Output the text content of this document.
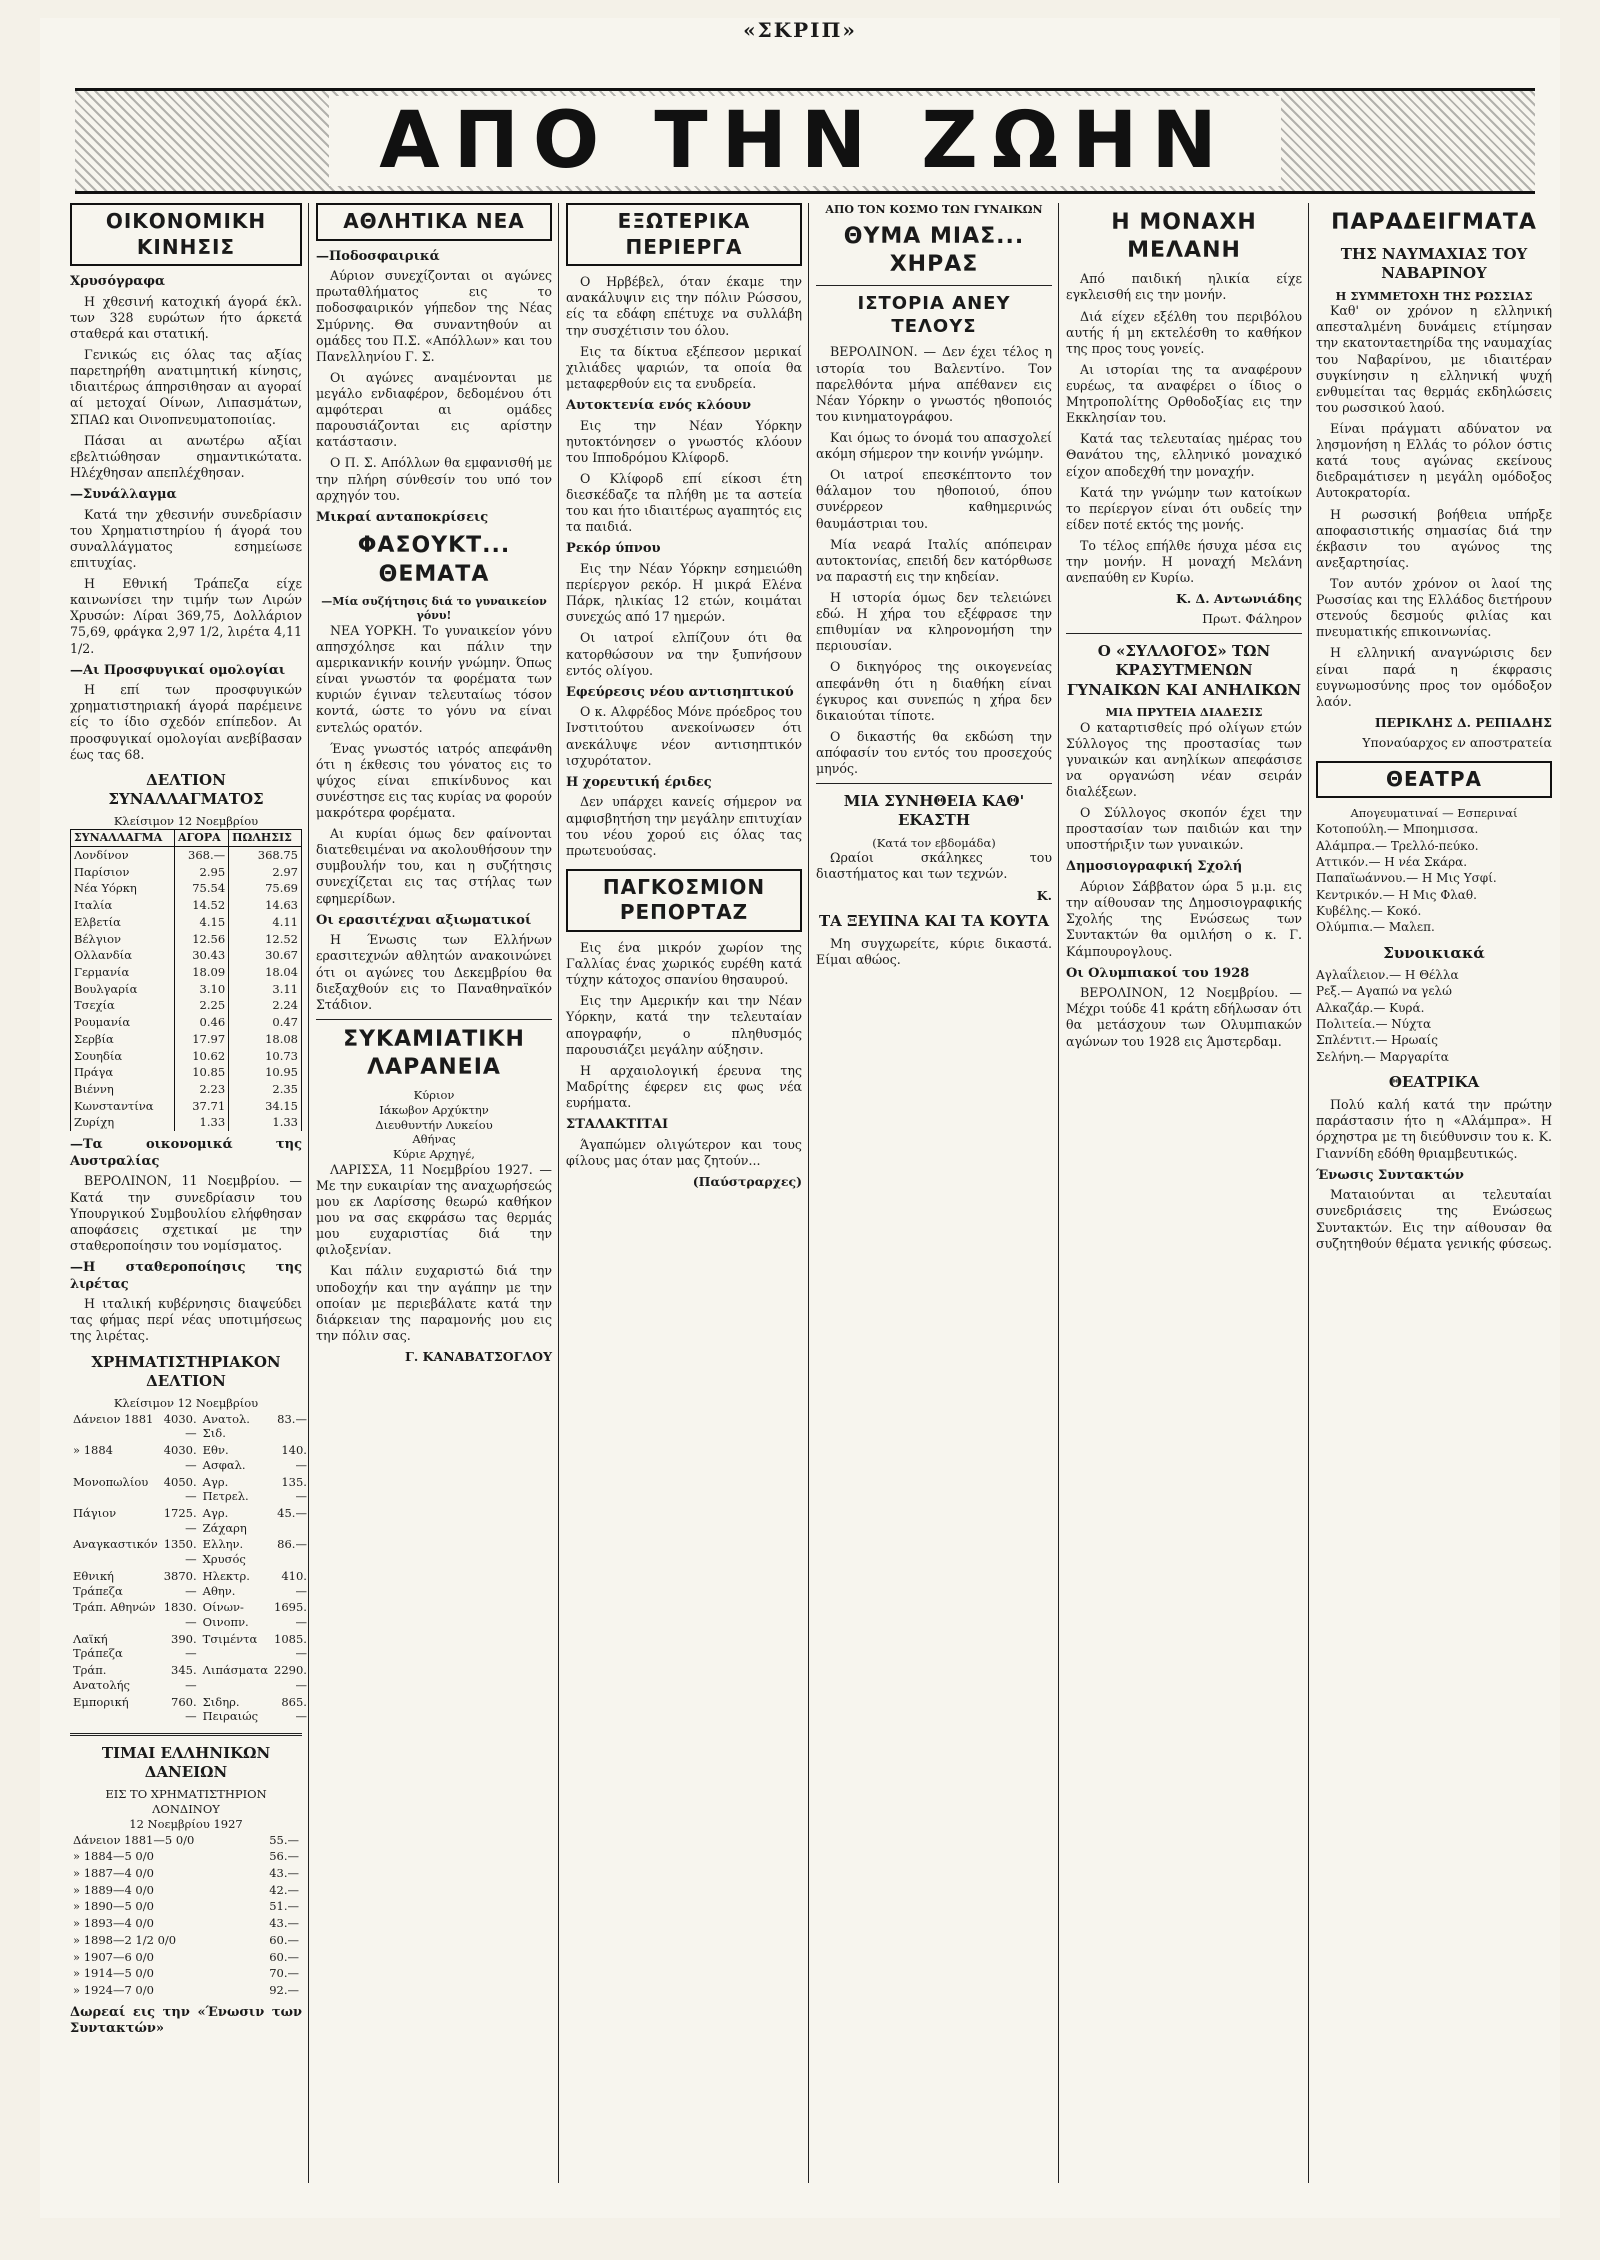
«ΣΚΡΙΠ»
ΑΠΟ ΤΗΝ ΖΩΗΝ
ΟΙΚΟΝΟΜΙΚΗ ΚΙΝΗΣΙΣ
Χρυσόγραφα

Η χθεσινή κατοχική άγορά έκλ. των 328 ευρώτων ήτο άρκετά σταθερά και στατική.

Γενικώς εις όλας τας αξίας παρετηρήθη ανατιμητική κίνησις, ιδιαιτέρως άπηρσιθησαν αι αγοραί αί μετοχαί Οίνων, Λιπασμάτων, ΣΠΑΩ και Οινοπνευματοποιίας.

Πάσαι αι ανωτέρω αξίαι εβελτιώθησαν σημαντικώτατα. Ηλέχθησαν απεπλέχθησαν.

—Συνάλλαγμα

Κατά την χθεσινήν συνεδρίασιν του Χρηματιστηρίου ή άγορά του συναλλάγματος εσημείωσε επιτυχίας.

Η Εθνική Τράπεζα είχε καινωνίσει την τιμήν των Λιρών Χρυσών: Λίραι 369,75, Δολλάριον 75,69, φράγκα 2,97 1/2, λιρέτα 4,11 1/2.

—Αι Προσφυγικαί ομολογίαι

Η επί των προσφυγικών χρηματιστηριακή άγορά παρέμεινε είς το ίδιο σχεδόν επίπεδον. Αι προσφυγικαί ομολογίαι ανεβίβασαν έως τας 68.

ΔΕΛΤΙΟΝ ΣΥΝΑΛΛΑΓΜΑΤΟΣ
Κλείσιμον 12 Νοεμβρίου
ΣΥΝΑΛΛΑΓΜΑ	ΑΓΟΡΑ	ΠΩΛΗΣΙΣ
Λονδίνον	368.—	368.75
Παρίσιον	2.95	2.97
Νέα Υόρκη	75.54	75.69
Ιταλία	14.52	14.63
Ελβετία	4.15	4.11
Βέλγιον	12.56	12.52
Ολλανδία	30.43	30.67
Γερμανία	18.09	18.04
Βουλγαρία	3.10	3.11
Τσεχία	2.25	2.24
Ρουμανία	0.46	0.47
Σερβία	17.97	18.08
Σουηδία	10.62	10.73
Πράγα	10.85	10.95
Βιέννη	2.23	2.35
Κωνσταντίνα	37.71	34.15
Ζυρίχη	1.33	1.33
—Τα οικονομικά της Αυστραλίας

ΒΕΡΟΛΙΝΟΝ, 11 Νοεμβρίου. — Κατά την συνεδρίασιν του Υπουργικού Συμβουλίου ελήφθησαν αποφάσεις σχετικαί με την σταθεροποίησιν του νομίσματος.

—Η σταθεροποίησις της λιρέτας

Η ιταλική κυβέρνησις διαψεύδει τας φήμας περί νέας υποτιμήσεως της λιρέτας.

ΧΡΗΜΑΤΙΣΤΗΡΙΑΚΟΝ ΔΕΛΤΙΟΝ
Κλείσιμον 12 Νοεμβρίου
Δάνειον 1881	4030.—	Ανατολ. Σιδ.	83.—
» 1884	4030.—	Εθν. Ασφαλ.	140.—
Μονοπωλίου	4050.—	Αγρ. Πετρελ.	135.—
Πάγιον	1725.—	Αγρ. Ζάχαρη	45.—
Αναγκαστικόν	1350.—	Ελλην. Χρυσός	86.—
Εθνική Τράπεζα	3870.—	Ηλεκτρ. Αθην.	410.—
Τράπ. Αθηνών	1830.—	Οίνων-Οινοπν.	1695.—
Λαϊκή Τράπεζα	390.—	Τσιμέντα	1085.—
Τράπ. Ανατολής	345.—	Λιπάσματα	2290.—
Εμπορική	760.—	Σιδηρ. Πειραιώς	865.—
ΤΙΜΑΙ ΕΛΛΗΝΙΚΩΝ ΔΑΝΕΙΩΝ
ΕΙΣ ΤΟ ΧΡΗΜΑΤΙΣΤΗΡΙΟΝ ΛΟΝΔΙΝΟΥ
12 Νοεμβρίου 1927
Δάνειον 1881—5 0/0	55.—
» 1884—5 0/0	56.—
» 1887—4 0/0	43.—
» 1889—4 0/0	42.—
» 1890—5 0/0	51.—
» 1893—4 0/0	43.—
» 1898—2 1/2 0/0	60.—
» 1907—6 0/0	60.—
» 1914—5 0/0	70.—
» 1924—7 0/0	92.—
Δωρεαί εις την «Ένωσιν των Συντακτών»
ΑΘΛΗΤΙΚΑ ΝΕΑ
—Ποδοσφαιρικά

Αύριον συνεχίζονται οι αγώνες πρωταθλήματος εις το ποδοσφαιρικόν γήπεδον της Νέας Σμύρνης. Θα συναντηθούν αι ομάδες του Π.Σ. «Απόλλων» και του Πανελληνίου Γ. Σ.

Οι αγώνες αναμένονται με μεγάλο ενδιαφέρον, δεδομένου ότι αμφότεραι αι ομάδες παρουσιάζονται εις αρίστην κατάστασιν.

Ο Π. Σ. Απόλλων θα εμφανισθή με την πλήρη σύνθεσίν του υπό τον αρχηγόν του.

Μικραί ανταποκρίσεις
ΦΑΣΟΥΚΤ... ΘΕΜΑΤΑ
—Μία συζήτησις διά το γυναικείον γόνυ!

ΝΕΑ ΥΟΡΚΗ. Το γυναικείον γόνυ απησχόλησε και πάλιν την αμερικανικήν κοινήν γνώμην. Όπως είναι γνωστόν τα φορέματα των κυριών έγιναν τελευταίως τόσον κοντά, ώστε το γόνυ να είναι εντελώς ορατόν.

Ένας γνωστός ιατρός απεφάνθη ότι η έκθεσις του γόνατος εις το ψύχος είναι επικίνδυνος και συνέστησε εις τας κυρίας να φορούν μακρότερα φορέματα.

Αι κυρίαι όμως δεν φαίνονται διατεθειμέναι να ακολουθήσουν την συμβουλήν του, και η συζήτησις συνεχίζεται εις τας στήλας των εφημερίδων.

Οι ερασιτέχναι αξιωματικοί

Η Ένωσις των Ελλήνων ερασιτεχνών αθλητών ανακοινώνει ότι οι αγώνες του Δεκεμβρίου θα διεξαχθούν εις το Παναθηναϊκόν Στάδιον.

ΣΥΚΑΜΙΑΤΙΚΗ ΛΑΡΑΝΕΙΑ
Κύριον
Ιάκωβον Αρχύκτην
Διευθυντήν Λυκείου
Αθήνας
Κύριε Αρχηγέ,

ΛΑΡΙΣΣΑ, 11 Νοεμβρίου 1927. — Με την ευκαιρίαν της αναχωρήσεώς μου εκ Λαρίσσης θεωρώ καθήκον μου να σας εκφράσω τας θερμάς μου ευχαριστίας διά την φιλοξενίαν.

Και πάλιν ευχαριστώ διά την υποδοχήν και την αγάπην με την οποίαν με περιεβάλατε κατά την διάρκειαν της παραμονής μου εις την πόλιν σας.

Γ. ΚΑΝΑΒΑΤΣΟΓΛΟΥ
ΕΞΩΤΕΡΙΚΑ ΠΕΡΙΕΡΓΑ

Ο Ηρβέβελ, όταν έκαμε την ανακάλυψιν εις την πόλιν Ρώσσου, είς τα εδάφη επέτυχε να συλλάβη την συσχέτισιν του όλου.

Εις τα δίκτυα εξέπεσον μερικαί χιλιάδες ψαριών, τα οποία θα μεταφερθούν εις τα ενυδρεία.

Αυτοκτενία ενός κλόουν

Εις την Νέαν Υόρκην ηυτοκτόνησεν ο γνωστός κλόουν του Ιπποδρόμου Κλίφορδ.

Ο Κλίφορδ επί είκοσι έτη διεσκέδαζε τα πλήθη με τα αστεία του και ήτο ιδιαιτέρως αγαπητός εις τα παιδιά.

Ρεκόρ ύπνου

Εις την Νέαν Υόρκην εσημειώθη περίεργον ρεκόρ. Η μικρά Ελένα Πάρκ, ηλικίας 12 ετών, κοιμάται συνεχώς από 17 ημερών.

Οι ιατροί ελπίζουν ότι θα κατορθώσουν να την ξυπνήσουν εντός ολίγου.

Εφεύρεσις νέου αντισηπτικού

Ο κ. Αλφρέδος Μόνε πρόεδρος του Ινστιτούτου ανεκοίνωσεν ότι ανεκάλυψε νέον αντισηπτικόν ισχυρότατον.

Η χορευτική έριδες

Δεν υπάρχει κανείς σήμερον να αμφισβητήση την μεγάλην επιτυχίαν του νέου χορού εις όλας τας πρωτευούσας.

ΠΑΓΚΟΣΜΙΟΝ ΡΕΠΟΡΤΑΖ

Εις ένα μικρόν χωρίον της Γαλλίας ένας χωρικός ευρέθη κατά τύχην κάτοχος σπανίου θησαυρού.

Εις την Αμερικήν και την Νέαν Υόρκην, κατά την τελευταίαν απογραφήν, ο πληθυσμός παρουσιάζει μεγάλην αύξησιν.

Η αρχαιολογική έρευνα της Μαδρίτης έφερεν εις φως νέα ευρήματα.

ΣΤΑΛΑΚΤΙΤΑΙ

Άγαπώμεν ολιγώτερον και τους φίλους μας όταν μας ζητούν...

(Παύστραρχες)
ΑΠΟ ΤΟΝ ΚΟΣΜΟ ΤΩΝ ΓΥΝΑΙΚΩΝ
ΘΥΜΑ ΜΙΑΣ... ΧΗΡΑΣ
ΙΣΤΟΡΙΑ ΑΝΕΥ ΤΕΛΟΥΣ

ΒΕΡΟΛΙΝΟΝ. — Δεν έχει τέλος η ιστορία του Βαλεντίνο. Τον παρελθόντα μήνα απέθανεν εις Νέαν Υόρκην ο γνωστός ηθοποιός του κινηματογράφου.

Και όμως το όνομά του απασχολεί ακόμη σήμερον την κοινήν γνώμην.

Οι ιατροί επεσκέπτοντο τον θάλαμον του ηθοποιού, όπου συνέρρεον καθημερινώς θαυμάστριαι του.

Μία νεαρά Ιταλίς απόπειραν αυτοκτονίας, επειδή δεν κατόρθωσε να παραστή εις την κηδείαν.

Η ιστορία όμως δεν τελειώνει εδώ. Η χήρα του εξέφρασε την επιθυμίαν να κληρονομήση την περιουσίαν.

Ο δικηγόρος της οικογενείας απεφάνθη ότι η διαθήκη είναι έγκυρος και συνεπώς η χήρα δεν δικαιούται τίποτε.

Ο δικαστής θα εκδώση την απόφασίν του εντός του προσεχούς μηνός.

ΜΙΑ ΣΥΝΗΘΕΙΑ ΚΑΘ' ΕΚΑΣΤΗ
(Κατά τον εβδομάδα)

Ωραίοι σκάληκες του διαστήματος και των τεχνών.

Κ.
ΤΑ ΞΕΥΠΝΑ ΚΑΙ ΤΑ ΚΟΥΤΑ

Μη συγχωρείτε, κύριε δικαστά. Είμαι αθώος.

Η ΜΟΝΑΧΗ ΜΕΛΑΝΗ

Από παιδική ηλικία είχε εγκλεισθή εις την μονήν.

Διά είχεν εξέλθη του περιβόλου αυτής ή μη εκτελέσθη το καθήκον της προς τους γονείς.

Αι ιστορίαι της τα αναφέρουν ευρέως, τα αναφέρει ο ίδιος ο Μητροπολίτης Ορθοδοξίας εις την Εκκλησίαν του.

Κατά τας τελευταίας ημέρας του Θανάτου της, ελληνικό μοναχικό είχον αποδεχθή την μοναχήν.

Κατά την γνώμην των κατοίκων το περίεργον είναι ότι ουδείς την είδεν ποτέ εκτός της μονής.

Το τέλος επήλθε ήσυχα μέσα εις την μονήν. Η μοναχή Μελάνη ανεπαύθη εν Κυρίω.

Κ. Δ. Αντωνιάδης
Πρωτ. Φάληρον
Ο «ΣΥΛΛΟΓΟΣ» ΤΩΝ ΚΡΑΣΥΤΜΕΝΩΝ ΓΥΝΑΙΚΩΝ ΚΑΙ ΑΝΗΛΙΚΩΝ
ΜΙΑ ΠΡΥΤΕΙΑ ΔΙΑΔΕΣΙΣ

Ο καταρτισθείς πρό ολίγων ετών Σύλλογος της προστασίας των γυναικών και ανηλίκων απεφάσισε να οργανώση νέαν σειράν διαλέξεων.

Ο Σύλλογος σκοπόν έχει την προστασίαν των παιδιών και την υποστήριξιν των γυναικών.

Δημοσιογραφική Σχολή

Αύριον Σάββατον ώρα 5 μ.μ. εις την αίθουσαν της Δημοσιογραφικής Σχολής της Ενώσεως των Συντακτών θα ομιλήση ο κ. Γ. Κάμπουρογλους.

Οι Ολυμπιακοί του 1928

ΒΕΡΟΛΙΝΟΝ, 12 Νοεμβρίου. — Μέχρι τούδε 41 κράτη εδήλωσαν ότι θα μετάσχουν των Ολυμπιακών αγώνων του 1928 εις Άμστερδαμ.

ΠΑΡΑΔΕΙΓΜΑΤΑ
ΤΗΣ ΝΑΥΜΑΧΙΑΣ ΤΟΥ ΝΑΒΑΡΙΝΟΥ
Η ΣΥΜΜΕΤΟΧΗ ΤΗΣ ΡΩΣΣΙΑΣ

Καθ' ον χρόνον η ελληνική απεσταλμένη δυνάμεις ετίμησαν την εκατονταετηρίδα της ναυμαχίας του Ναβαρίνου, με ιδιαιτέραν συγκίνησιν η ελληνική ψυχή ενθυμείται τας θερμάς εκδηλώσεις του ρωσσικού λαού.

Είναι πράγματι αδύνατον να λησμονήση η Ελλάς το ρόλον όστις κατά τους αγώνας εκείνους διεδραμάτισεν η μεγάλη ομόδοξος Αυτοκρατορία.

Η ρωσσική βοήθεια υπήρξε αποφασιστικής σημασίας διά την έκβασιν του αγώνος της ανεξαρτησίας.

Τον αυτόν χρόνον οι λαοί της Ρωσσίας και της Ελλάδος διετήρουν στενούς δεσμούς φιλίας και πνευματικής επικοινωνίας.

Η ελληνική αναγνώρισις δεν είναι παρά η έκφρασις ευγνωμοσύνης προς τον ομόδοξον λαόν.

ΠΕΡΙΚΛΗΣ Δ. ΡΕΠΙΑΔΗΣ
Υποναύαρχος εν αποστρατεία
ΘΕΑΤΡΑ
Απογευματιναί — Εσπεριναί
Κοτοπούλη.— Μποημισσα.
Αλάμπρα.— Τρελλό-πεύκο.
Αττικόν.— Η νέα Σκάρα.
Παπαϊωάννου.— Η Μις Υσφί.
Κεντρικόν.— Η Μις Φλαθ.
Κυβέλης.— Κοκό.
Ολύμπια.— Μαλεπ.
Συνοικιακά
Αγλαΐλειον.— Η Θέλλα
Ρεξ.— Αγαπώ να γελώ
Αλκαζάρ.— Κυρά.
Πολιτεία.— Νύχτα
Σπλέντιτ.— Ηρωαίς
Σελήνη.— Μαργαρίτα
ΘΕΑΤΡΙΚΑ

Πολύ καλή κατά την πρώτην παράστασιν ήτο η «Αλάμπρα». Η όρχηστρα με τη διεύθυνσιν του κ. Κ. Γιαννίδη εδόθη θριαμβευτικώς.

Ένωσις Συντακτών

Ματαιούνται αι τελευταίαι συνεδριάσεις της Ενώσεως Συντακτών. Εις την αίθουσαν θα συζητηθούν θέματα γενικής φύσεως.
